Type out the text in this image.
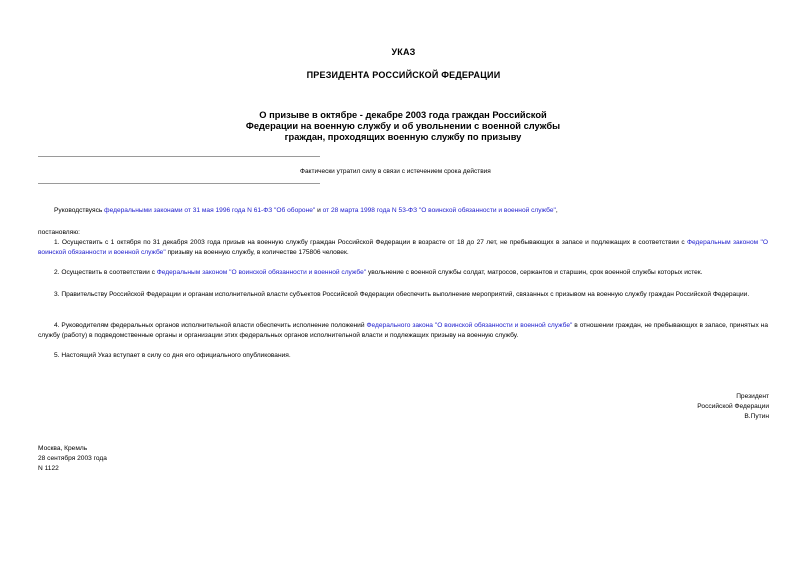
УКАЗ
ПРЕЗИДЕНТА РОССИЙСКОЙ ФЕДЕРАЦИИ
О призыве в октябре - декабре 2003 года граждан Российской Федерации на военную службу и об увольнении с военной службы граждан, проходящих военную службу по призыву
Фактически утратил силу в связи с истечением срока действия
Руководствуясь федеральными законами от 31 мая 1996 года N 61-ФЗ "Об обороне" и от 28 марта 1998 года N 53-ФЗ "О воинской обязанности и военной службе",
постановляю:
1. Осуществить с 1 октября по 31 декабря 2003 года призыв на военную службу граждан Российской Федерации в возрасте от 18 до 27 лет, не пребывающих в запасе и подлежащих в соответствии с Федеральным законом "О воинской обязанности и военной службе" призыву на военную службу, в количестве 175806 человек.
2. Осуществить в соответствии с Федеральным законом "О воинской обязанности и военной службе" увольнение с военной службы солдат, матросов, сержантов и старшин, срок военной службы которых истек.
3. Правительству Российской Федерации и органам исполнительной власти субъектов Российской Федерации обеспечить выполнение мероприятий, связанных с призывом на военную службу граждан Российской Федерации.
4. Руководителям федеральных органов исполнительной власти обеспечить исполнение положений Федерального закона "О воинской обязанности и военной службе" в отношении граждан, не пребывающих в запасе, принятых на службу (работу) в подведомственные органы и организации этих федеральных органов исполнительной власти и подлежащих призыву на военную службу.
5. Настоящий Указ вступает в силу со дня его официального опубликования.
Президент
Российской Федерации
В.Путин
Москва, Кремль
28 сентября 2003 года
N 1122
